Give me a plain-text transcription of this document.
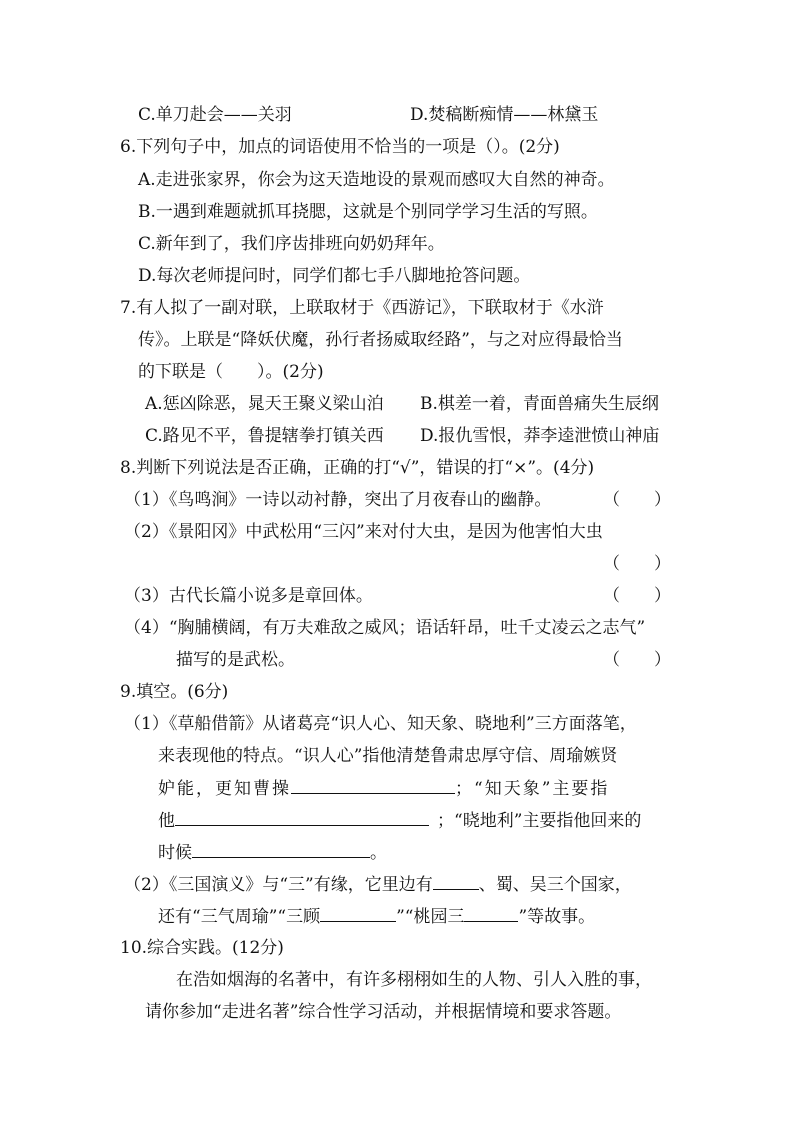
C.单刀赴会——关羽	D.焚稿断痴情——林黛玉
6.下列句子中，加点的词语使用不恰当的一项是（）。(2分)
A.走进张家界，你会为这天造地设的景观而感叹大自然的神奇。
B.一遇到难题就抓耳挠腮，这就是个别同学学习生活的写照。
C.新年到了，我们序齿排班向奶奶拜年。
D.每次老师提问时，同学们都七手八脚地抢答问题。
7.有人拟了一副对联，上联取材于《西游记》，下联取材于《水浒
传》。上联是“降妖伏魔，孙行者扬威取经路”，与之对应得最恰当
的下联是（　　）。(2分)
A.惩凶除恶，晁天王聚义梁山泊 B.棋差一着，青面兽痛失生辰纲
C.路见不平，鲁提辖拳打镇关西 D.报仇雪恨，莽李逵泄愤山神庙
8.判断下列说法是否正确，正确的打“√”，错误的打“×”。(4分)
（1）《鸟鸣涧》一诗以动衬静，突出了月夜春山的幽静。	（　　）
（2）《景阳冈》中武松用“三闪”来对付大虫，是因为他害怕大虫
（　　）
（3）古代长篇小说多是章回体。	（　　）
（4）“胸脯横阔，有万夫难敌之威风；语话轩昂，吐千丈凌云之志气”
描写的是武松。	（　　）
9.填空。(6分)
（1）《草船借箭》从诸葛亮“识人心、知天象、晓地利”三方面落笔，
来表现他的特点。“识人心”指他清楚鲁肃忠厚守信、周瑜嫉贤
妒能，更知曹操	；“知天象”主要指
他	；“晓地利”主要指他回来的
时候	。
（2）《三国演义》与“三”有缘，它里边有	、蜀、吴三个国家，
还有“三气周瑜”“三顾	”“桃园三	”等故事。
10.综合实践。(12分)
在浩如烟海的名著中，有许多栩栩如生的人物、引人入胜的事，
请你参加“走进名著”综合性学习活动，并根据情境和要求答题。
